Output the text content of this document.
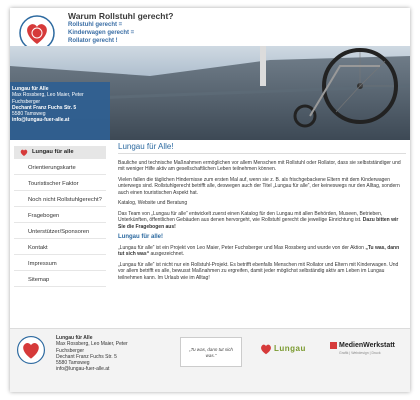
Warum Rollstuhl gerecht?
Rollstuhl gerecht =
Kinderwagen gerecht =
Rollator gerecht !
Lungau für Alle
Max Rossberg, Leo Maier, Peter Fuchsberger
Dechant Franz Fuchs Str. 5
5580 Tamsweg
info@lungau-fuer-alle.at
Lungau für alle
Orientierungskarte
Touristischer Faktor
Noch nicht Rollstuhlgerecht?
Fragebogen
Unterstützer/Sponsoren
Kontakt
Impressum
Sitemap
Lungau für Alle!

Bauliche und technische Maßnahmen ermöglichen vor allem Menschen mit Rollstuhl oder Rollator, dass sie selbstständiger und mit weniger Hilfe aktiv am gesellschaftlichen Leben teilnehmen können.

Vielen fallen die täglichen Hindernisse zum ersten Mal auf, wenn sie z. B. als frischgebackene Eltern mit dem Kinderwagen unterwegs sind. Rollstuhlgerecht betrifft alle, deswegen auch der Titel „Lungau für alle“, der keineswegs nur den Alltag, sondern auch einen touristischen Aspekt hat.

Katalog, Website und Beratung

Das Team von „Lungau für alle“ entwickelt zuerst einen Katalog für den Lungau mit allen Behörden, Museen, Betrieben, Unterkünften, öffentlichen Gebäuden aus denen hervorgeht, wie Rollstuhl gerecht die jeweilige Einrichtung ist. Dazu bitten wir Sie die Fragebogen aus!

Lungau für alle!

„Lungau für alle“ ist ein Projekt von Leo Maier, Peter Fuchsberger und Max Rossberg und wurde von der Aktion „Tu was, dann tut sich was“ ausgezeichnet.

„Lungau für alle“ ist nicht nur ein Rollstuhl-Projekt. Es betrifft ebenfalls Menschen mit Rollator und Eltern mit Kinderwagen. Und vor allem betrifft es alle, bewusst Maßnahmen zu ergreifen, damit jeder möglichst selbständig aktiv am Leben im Lungau teilnehmen kann. Im Urlaub wie im Alltag!

Lungau für Alle
Max Rossberg, Leo Maier, Peter Fuchsberger
Dechant Franz Fuchs Str. 5
5580 Tamsweg
info@lungau-fuer-alle.at
„Tu was, dann tut sich was.“
Lungau	MedienWerkstatt
Grafik | Webdesign | Druck
